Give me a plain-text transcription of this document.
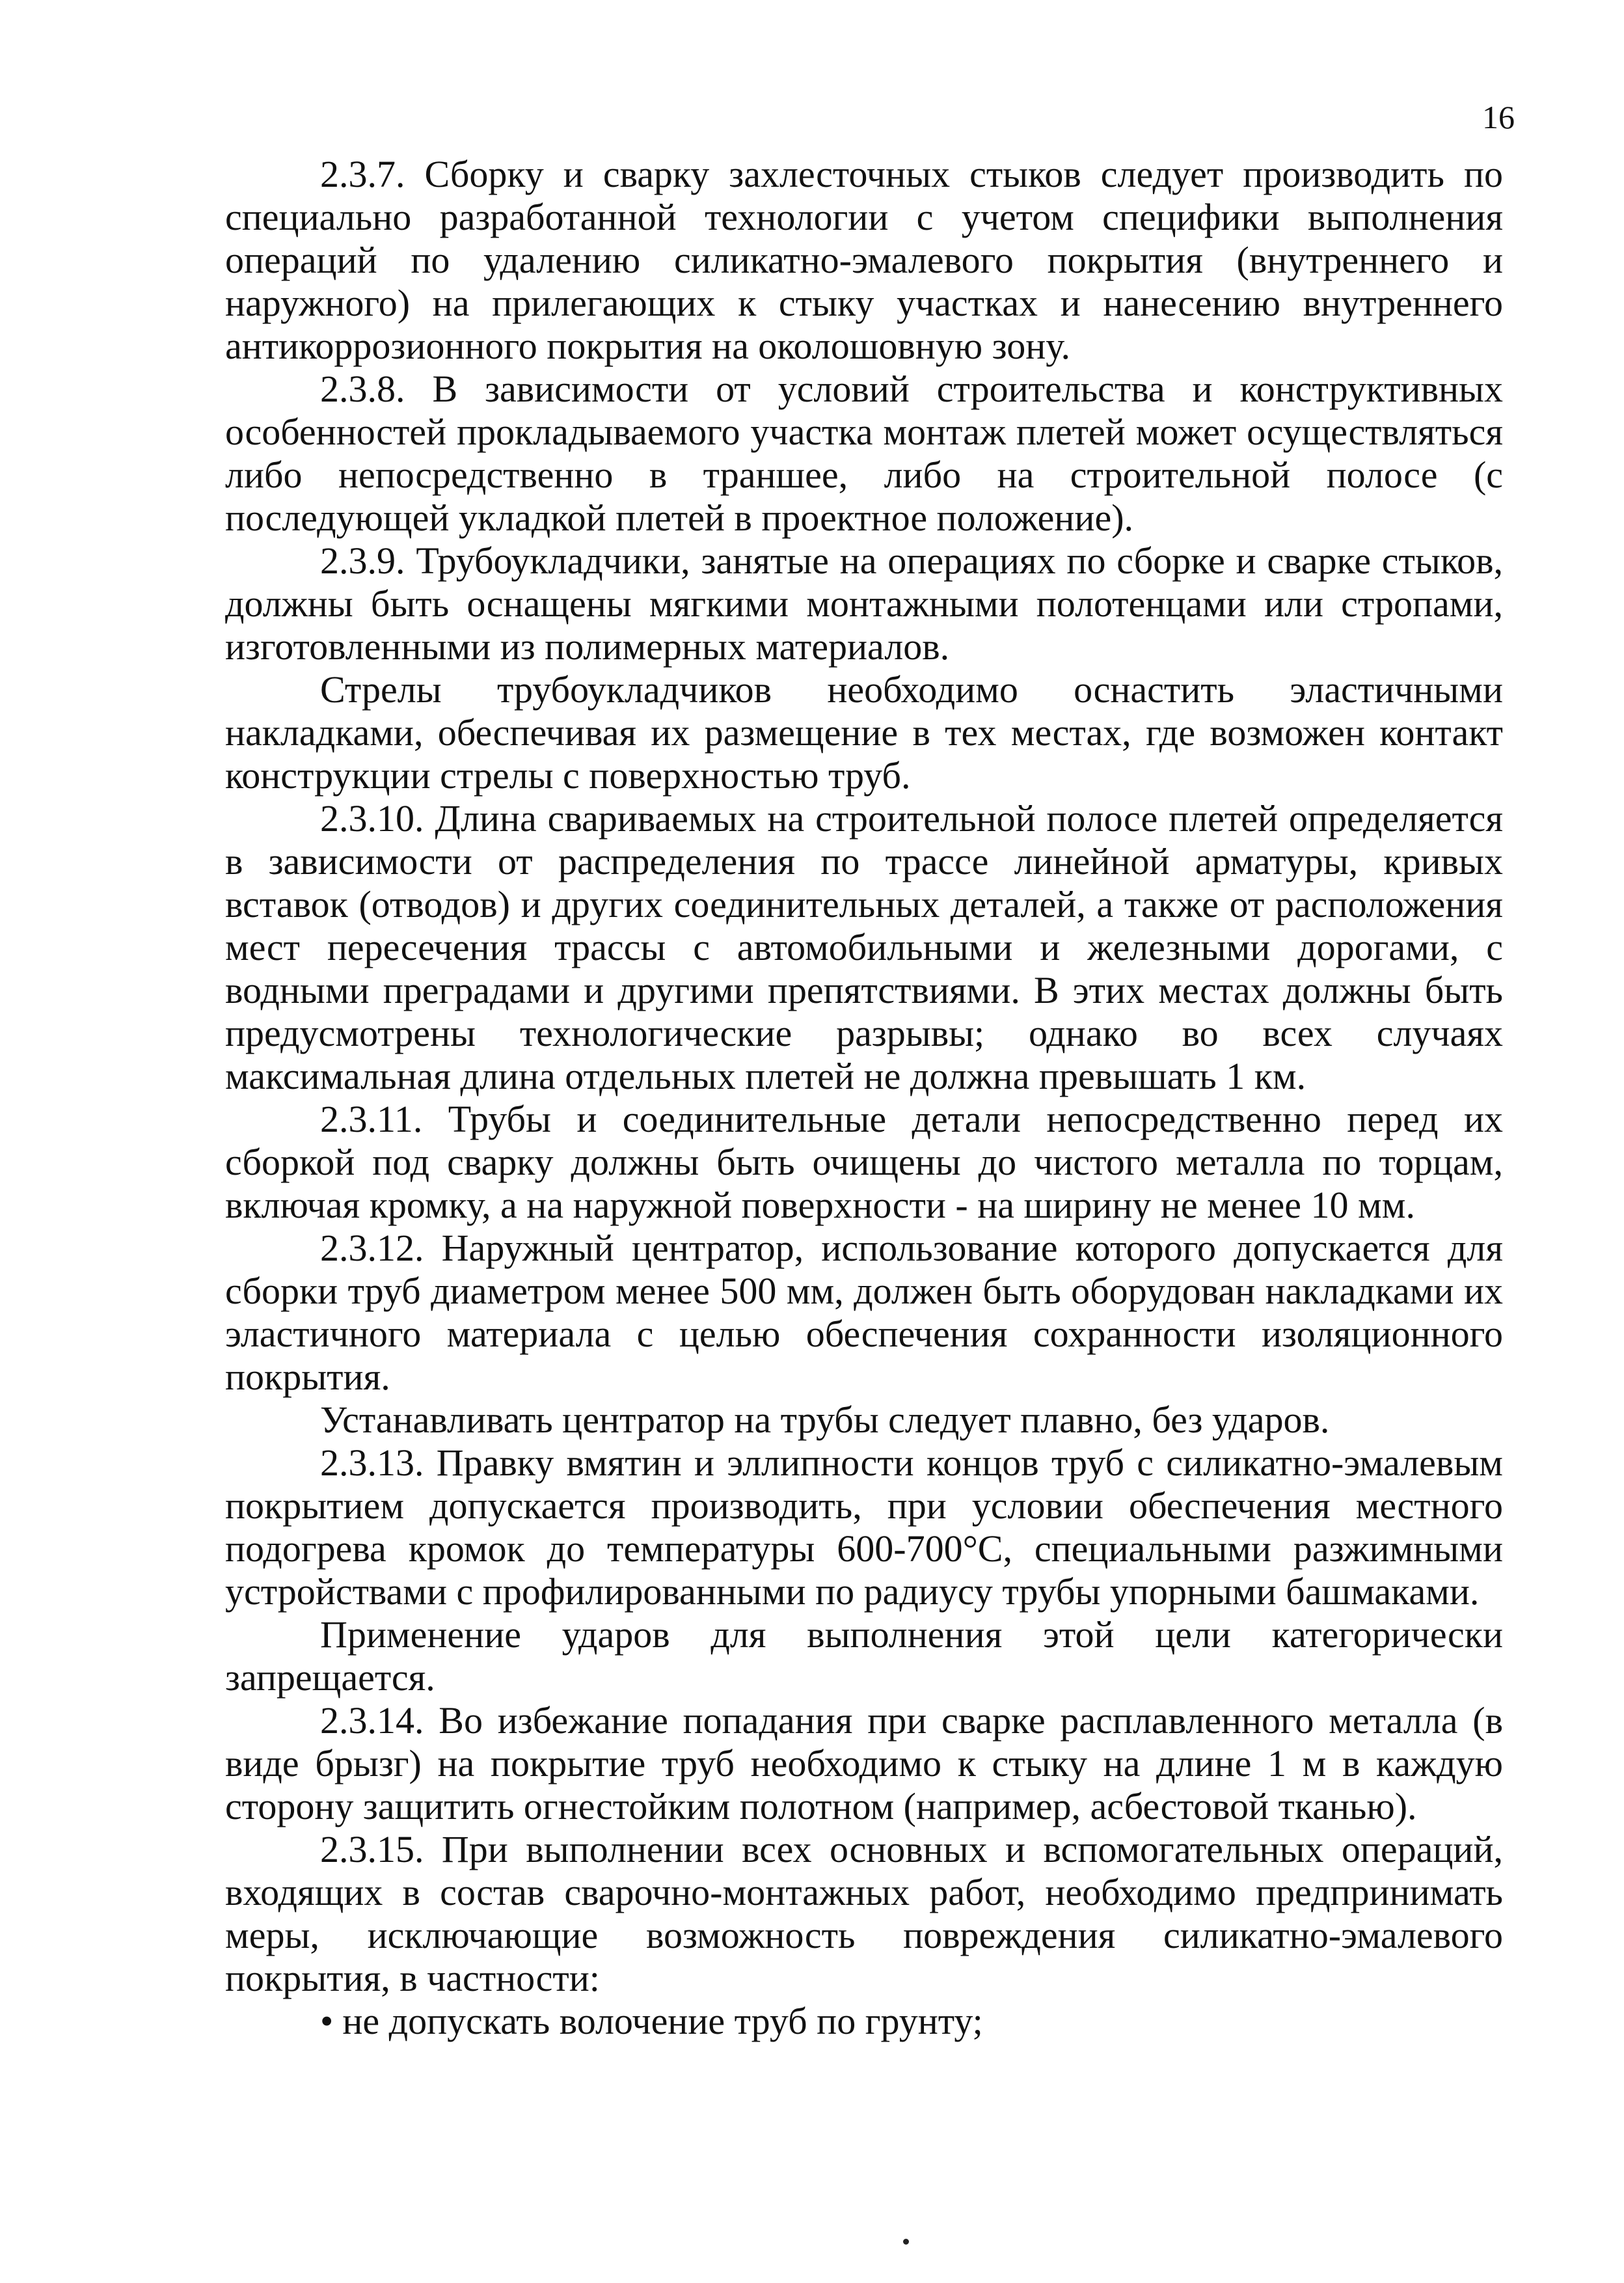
16

2.3.7. Сборку и сварку захлесточных стыков следует производить по специально разработанной технологии с учетом специфики выполнения операций по удалению силикатно-эмалевого покрытия (внутреннего и наружного) на прилегающих к стыку участках и нанесению внутреннего антикоррозионного покрытия на околошовную зону.

2.3.8. В зависимости от условий строительства и конструктивных особенностей прокладываемого участка монтаж плетей может осуществляться либо непосредственно в траншее, либо на строительной полосе (с последующей укладкой плетей в проектное положение).

2.3.9. Трубоукладчики, занятые на операциях по сборке и сварке стыков, должны быть оснащены мягкими монтажными полотенцами или стропами, изготовленными из полимерных материалов.

Стрелы трубоукладчиков необходимо оснастить эластичными накладками, обеспечивая их размещение в тех местах, где возможен контакт конструкции стрелы с поверхностью труб.

2.3.10. Длина свариваемых на строительной полосе плетей определяется в зависимости от распределения по трассе линейной арматуры, кривых вставок (отводов) и других соединительных деталей, а также от расположения мест пересечения трассы с автомобильными и железными дорогами, с водными преградами и другими препятствиями. В этих местах должны быть предусмотрены технологические разрывы; однако во всех случаях максимальная длина отдельных плетей не должна превышать 1 км.

2.3.11. Трубы и соединительные детали непосредственно перед их сборкой под сварку должны быть очищены до чистого металла по торцам, включая кромку, а на наружной поверхности - на ширину не менее 10 мм.

2.3.12. Наружный центратор, использование которого допускается для сборки труб диаметром менее 500 мм, должен быть оборудован накладками их эластичного материала с целью обеспечения сохранности изоляционного покрытия.

Устанавливать центратор на трубы следует плавно, без ударов.

2.3.13. Правку вмятин и эллипности концов труб с силикатно-эмалевым покрытием допускается производить, при условии обеспечения местного подогрева кромок до температуры 600-700°С, специальными разжимными устройствами с профилированными по радиусу трубы упорными башмаками.

Применение ударов для выполнения этой цели категорически запрещается.

2.3.14. Во избежание попадания при сварке расплавленного металла (в виде брызг) на покрытие труб необходимо к стыку на длине 1 м в каждую сторону защитить огнестойким полотном (например, асбестовой тканью).

2.3.15. При выполнении всех основных и вспомогательных операций, входящих в состав сварочно-монтажных работ, необходимо предпринимать меры, исключающие возможность повреждения силикатно-эмалевого покрытия, в частности:

• не допускать волочение труб по грунту;
